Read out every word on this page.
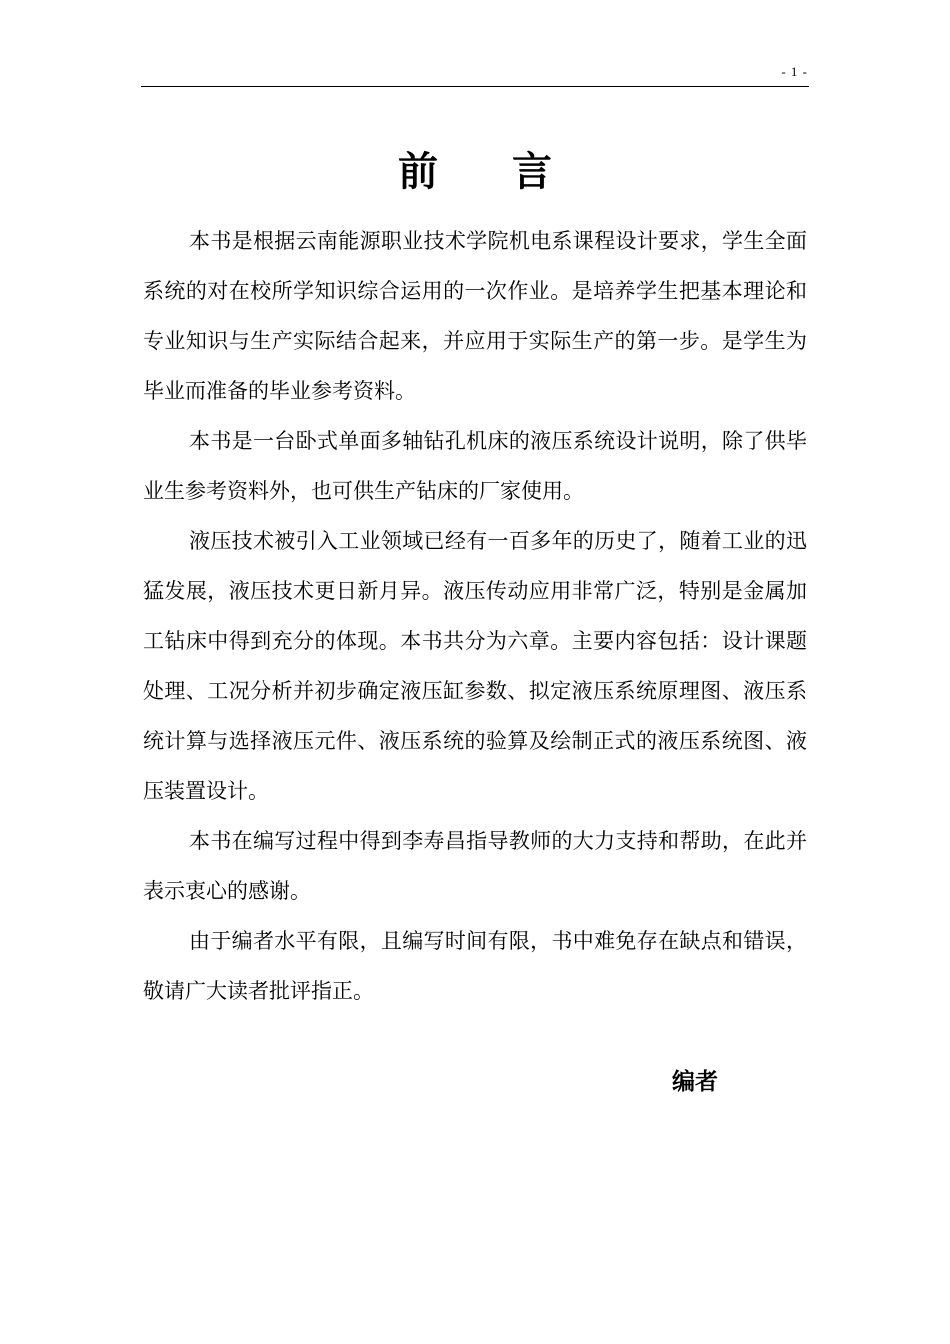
- 1 -
前 言

本书是根据云南能源职业技术学院机电系课程设计要求，学生全面系统的对在校所学知识综合运用的一次作业。是培养学生把基本理论和专业知识与生产实际结合起来，并应用于实际生产的第一步。是学生为毕业而准备的毕业参考资料。

本书是一台卧式单面多轴钻孔机床的液压系统设计说明，除了供毕业生参考资料外，也可供生产钻床的厂家使用。

液压技术被引入工业领域已经有一百多年的历史了，随着工业的迅猛发展，液压技术更日新月异。液压传动应用非常广泛，特别是金属加工钻床中得到充分的体现。本书共分为六章。主要内容包括：设计课题处理、工况分析并初步确定液压缸参数、拟定液压系统原理图、液压系统计算与选择液压元件、液压系统的验算及绘制正式的液压系统图、液压装置设计。

本书在编写过程中得到李寿昌指导教师的大力支持和帮助，在此并表示衷心的感谢。

由于编者水平有限，且编写时间有限，书中难免存在缺点和错误，敬请广大读者批评指正。

编者
